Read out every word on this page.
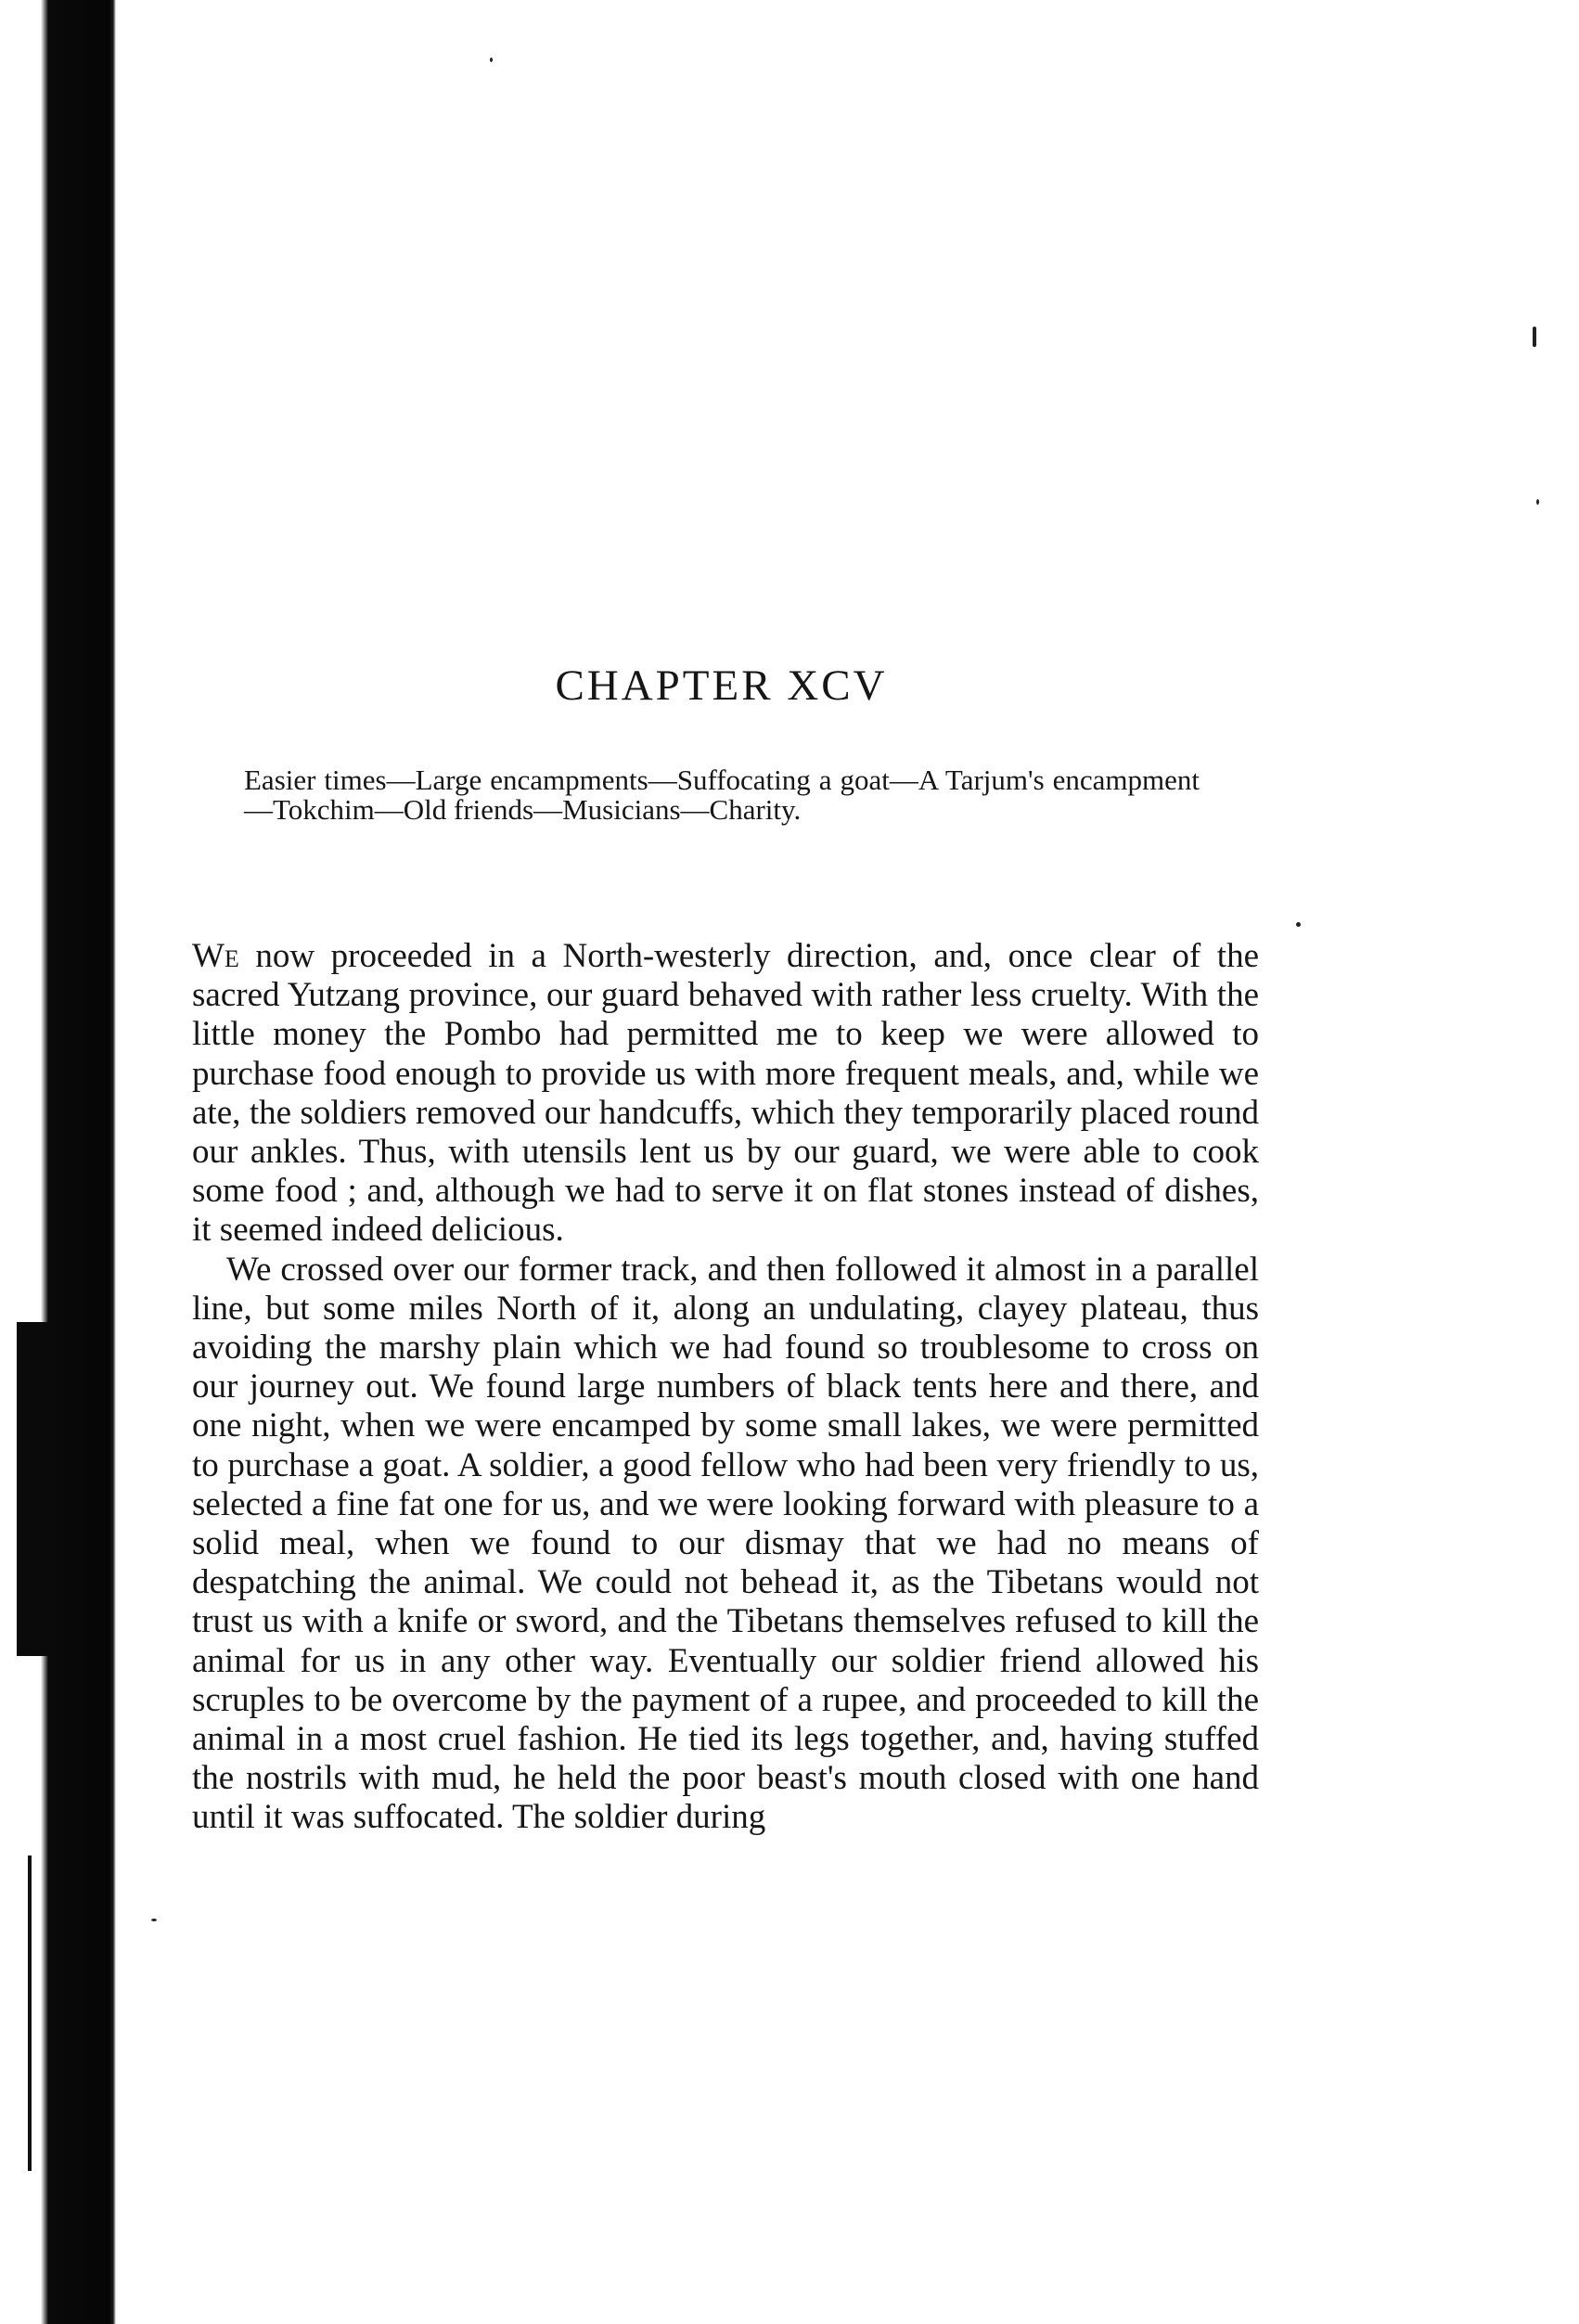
CHAPTER XCV

Easier times—Large encampments—Suffocating a goat—A Tarjum's encampment—Tokchim—Old friends—Musicians—Charity.

We now proceeded in a North-westerly direction, and, once clear of the sacred Yutzang province, our guard behaved with rather less cruelty. With the little money the Pombo had permitted me to keep we were allowed to purchase food enough to provide us with more frequent meals, and, while we ate, the soldiers removed our handcuffs, which they temporarily placed round our ankles. Thus, with utensils lent us by our guard, we were able to cook some food ; and, although we had to serve it on flat stones instead of dishes, it seemed indeed delicious.

We crossed over our former track, and then followed it almost in a parallel line, but some miles North of it, along an undulating, clayey plateau, thus avoiding the marshy plain which we had found so troublesome to cross on our journey out. We found large numbers of black tents here and there, and one night, when we were encamped by some small lakes, we were permitted to purchase a goat. A soldier, a good fellow who had been very friendly to us, selected a fine fat one for us, and we were looking forward with pleasure to a solid meal, when we found to our dismay that we had no means of despatching the animal. We could not behead it, as the Tibetans would not trust us with a knife or sword, and the Tibetans themselves refused to kill the animal for us in any other way. Eventually our soldier friend allowed his scruples to be overcome by the payment of a rupee, and proceeded to kill the animal in a most cruel fashion. He tied its legs together, and, having stuffed the nostrils with mud, he held the poor beast's mouth closed with one hand until it was suffocated. The soldier during
